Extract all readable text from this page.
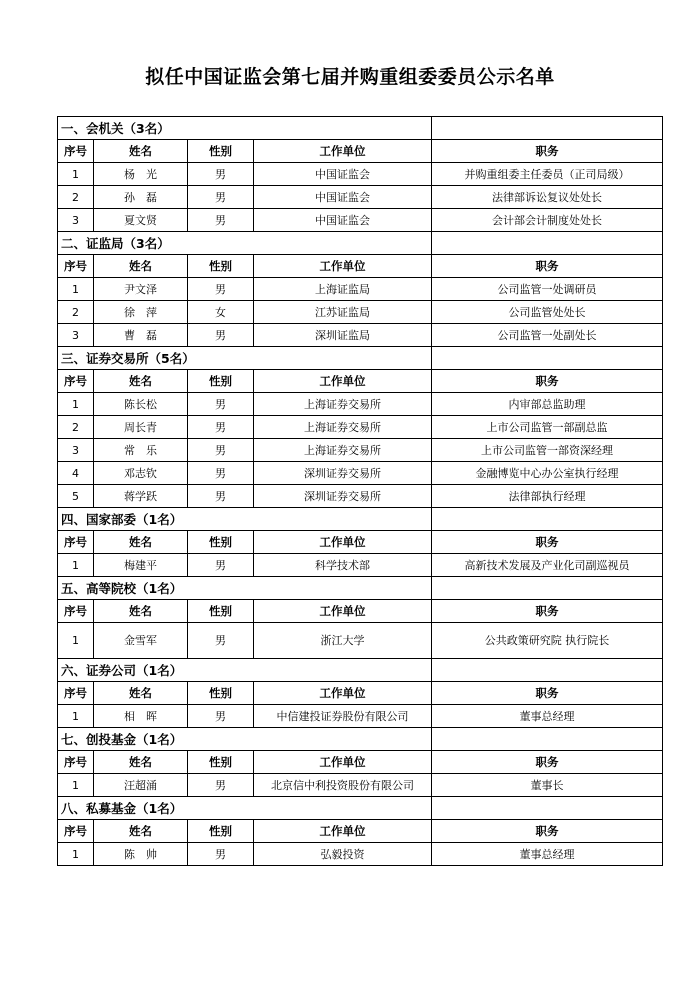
拟任中国证监会第七届并购重组委委员公示名单
一、会机关（3名）				
序号	姓名	性别	工作单位	职务
1	杨　光	男	中国证监会	并购重组委主任委员（正司局级）
2	孙　磊	男	中国证监会	法律部诉讼复议处处长
3	夏文贤	男	中国证监会	会计部会计制度处处长
二、证监局（3名）				
序号	姓名	性别	工作单位	职务
1	尹文泽	男	上海证监局	公司监管一处调研员
2	徐　萍	女	江苏证监局	公司监管处处长
3	曹　磊	男	深圳证监局	公司监管一处副处长
三、证券交易所（5名）				
序号	姓名	性别	工作单位	职务
1	陈长松	男	上海证券交易所	内审部总监助理
2	周长青	男	上海证券交易所	上市公司监管一部副总监
3	常　乐	男	上海证券交易所	上市公司监管一部资深经理
4	邓志钦	男	深圳证券交易所	金融博览中心办公室执行经理
5	蒋学跃	男	深圳证券交易所	法律部执行经理
四、国家部委（1名）				
序号	姓名	性别	工作单位	职务
1	梅建平	男	科学技术部	高新技术发展及产业化司副巡视员
五、高等院校（1名）				
序号	姓名	性别	工作单位	职务
1	金雪军	男	浙江大学	公共政策研究院 执行院长
六、证券公司（1名）				
序号	姓名	性别	工作单位	职务
1	相　晖	男	中信建投证券股份有限公司	董事总经理
七、创投基金（1名）				
序号	姓名	性别	工作单位	职务
1	汪超涌	男	北京信中利投资股份有限公司	董事长
八、私募基金（1名）				
序号	姓名	性别	工作单位	职务
1	陈　帅	男	弘毅投资	董事总经理
